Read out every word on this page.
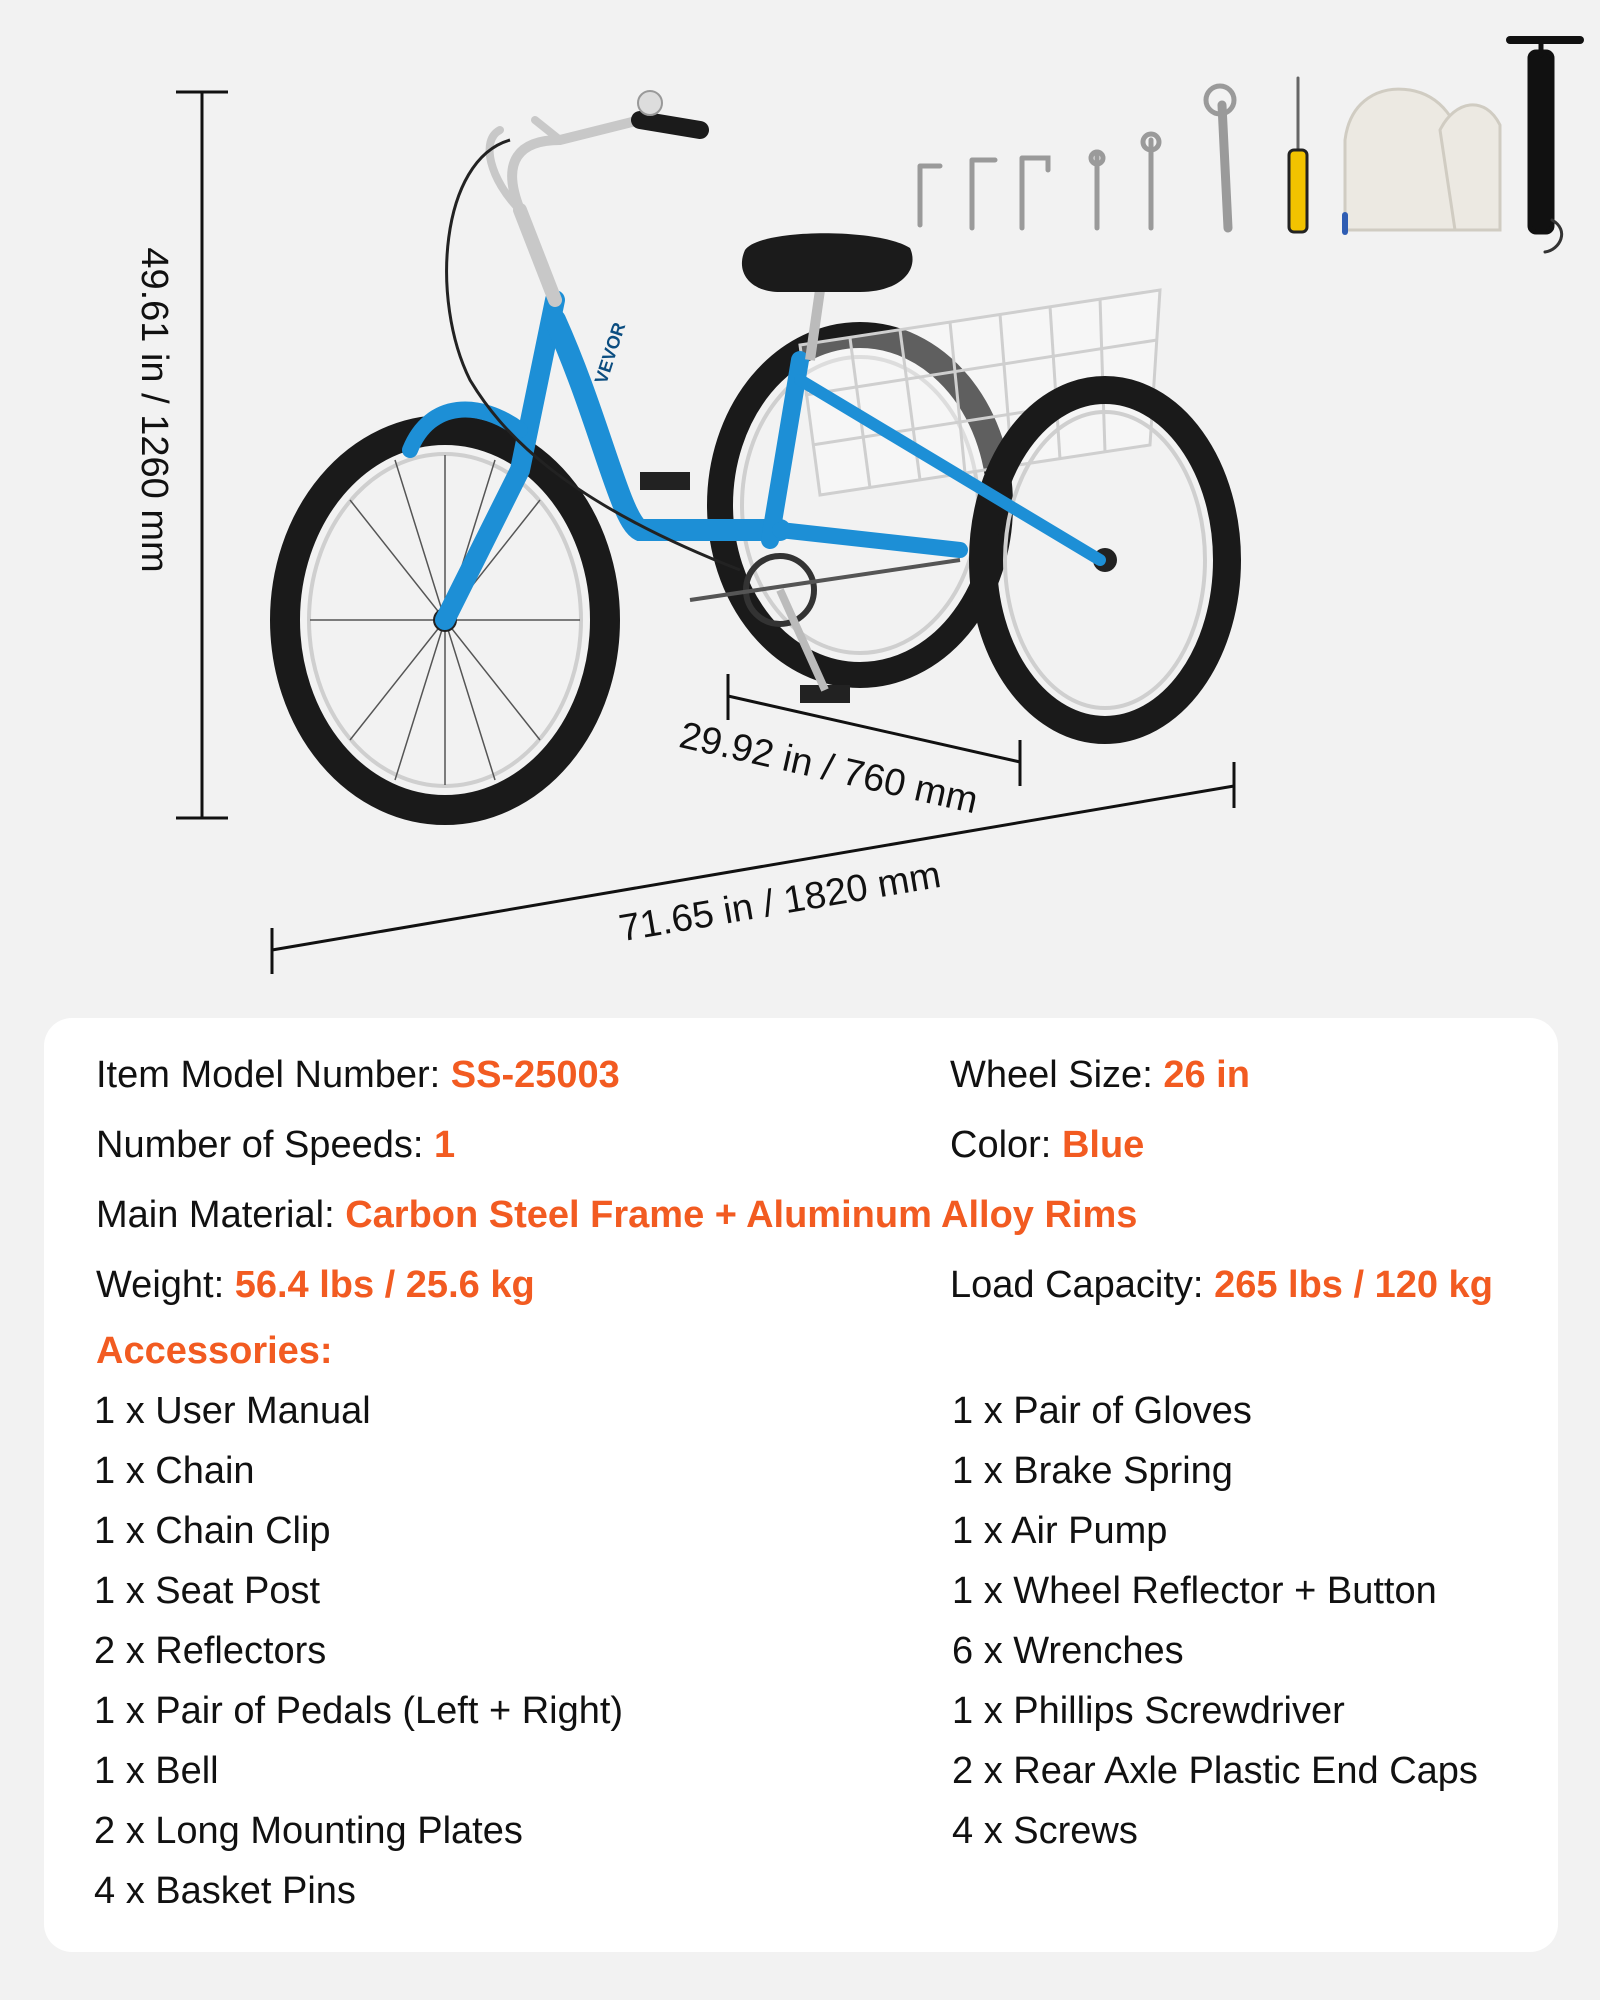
49.61 in / 1260 mm
29.92 in / 760 mm
71.65 in / 1820 mm
VEVOR
Item Model Number: SS-25003	Wheel Size: 26 in
Number of Speeds: 1	Color: Blue
Main Material: Carbon Steel Frame + Aluminum Alloy Rims
Weight: 56.4 lbs / 25.6 kg	Load Capacity: 265 lbs / 120 kg
Accessories:
1 x User Manual
1 x Chain
1 x Chain Clip
1 x Seat Post
2 x Reflectors
1 x Pair of Pedals (Left + Right)
1 x Bell
2 x Long Mounting Plates
4 x Basket Pins
1 x Pair of Gloves
1 x Brake Spring
1 x Air Pump
1 x Wheel Reflector + Button
6 x Wrenches
1 x Phillips Screwdriver
2 x Rear Axle Plastic End Caps
4 x Screws
